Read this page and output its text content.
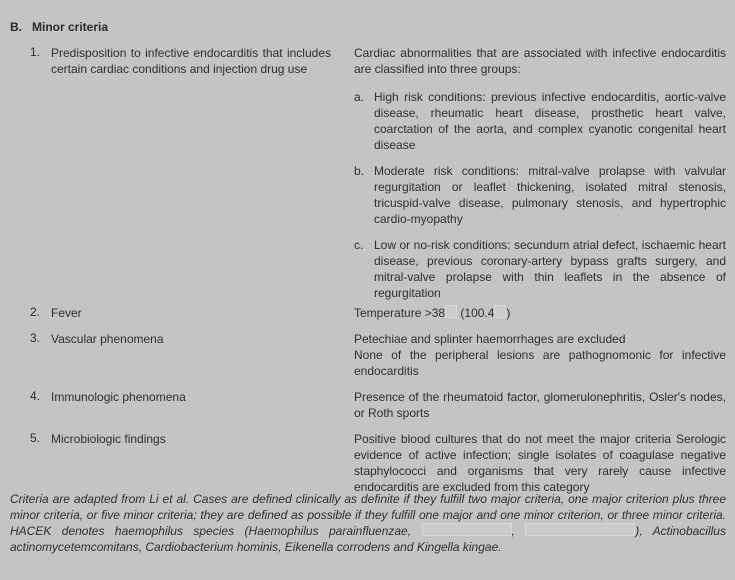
B. Minor criteria
1. Predisposition to infective endocarditis that includes certain cardiac conditions and injection drug use

Cardiac abnormalities that are associated with infective endocarditis are classified into three groups:

a. High risk conditions: previous infective endocarditis, aortic-valve disease, rheumatic heart disease, prosthetic heart valve, coarctation of the aorta, and complex cyanotic congenital heart disease
b. Moderate risk conditions: mitral-valve prolapse with valvular regurgitation or leaflet thickening, isolated mitral stenosis, tricuspid-valve disease, pulmonary stenosis, and hypertrophic cardio-myopathy
c. Low or no-risk conditions: secundum atrial defect, ischaemic heart disease, previous coronary-artery bypass grafts surgery, and mitral-valve prolapse with thin leaflets in the absence of regurgitation
2. Fever	Temperature >38 (100.4 )
3. Vascular phenomena	Petechiae and splinter haemorrhages are excluded

None of the peripheral lesions are pathognomonic for infective endocarditis

4. Immunologic phenomena	Presence of the rheumatoid factor, glomerulonephritis, Osler's nodes, or Roth sports
5. Microbiologic findings	Positive blood cultures that do not meet the major criteria Serologic evidence of active infection; single isolates of coagulase negative staphylococci and organisms that very rarely cause infective endocarditis are excluded from this category
Criteria are adapted from Li et al. Cases are defined clinically as definite if they fulfill two major criteria, one major criterion plus three minor criteria, or five minor criteria; they are defined as possible if they fulfill one major and one minor criterion, or three minor criteria. HACEK denotes haemophilus species (Haemophilus parainfluenzae,	,	), Actinobacillus actinomycetemcomitans, Cardiobacterium hominis, Eikenella corrodens and Kingella kingae.
